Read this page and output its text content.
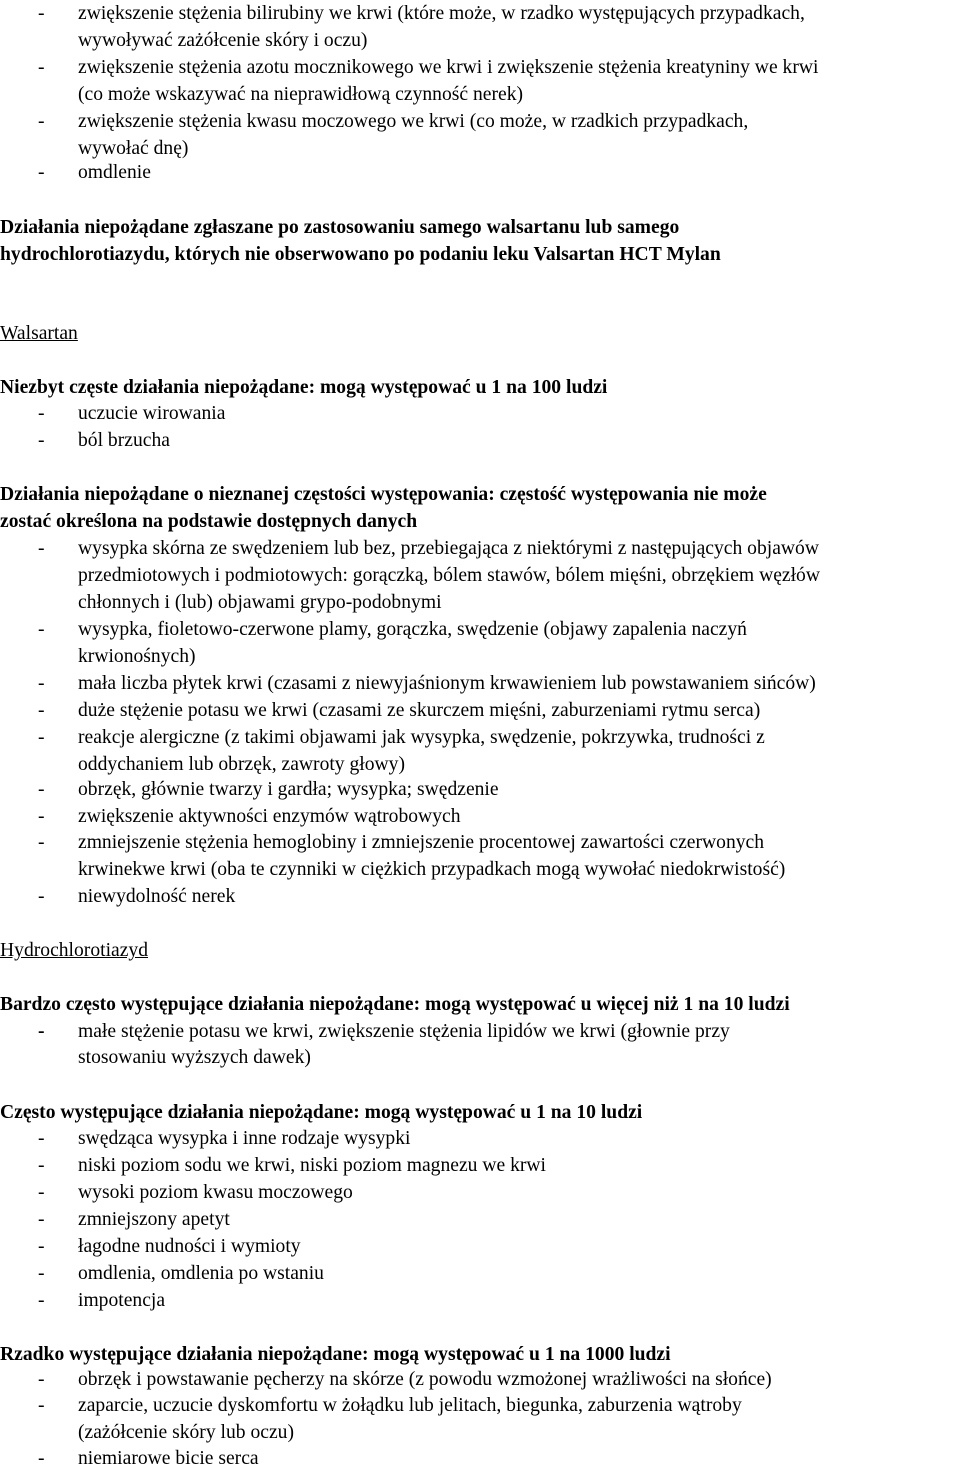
- zwiększenie stężenia bilirubiny we krwi (które może, w rzadko występujących przypadkach,
wywoływać zażółcenie skóry i oczu)
- zwiększenie stężenia azotu mocznikowego we krwi i zwiększenie stężenia kreatyniny we krwi
(co może wskazywać na nieprawidłową czynność nerek)
- zwiększenie stężenia kwasu moczowego we krwi (co może, w rzadkich przypadkach,
wywołać dnę)
- omdlenie
Działania niepożądane zgłaszane po zastosowaniu samego walsartanu lub samego
hydrochlorotiazydu, których nie obserwowano po podaniu leku Valsartan HCT Mylan
Walsartan
Niezbyt częste działania niepożądane: mogą występować u 1 na 100 ludzi
- uczucie wirowania
- ból brzucha
Działania niepożądane o nieznanej częstości występowania: częstość występowania nie może
zostać określona na podstawie dostępnych danych
- wysypka skórna ze swędzeniem lub bez, przebiegająca z niektórymi z następujących objawów
przedmiotowych i podmiotowych: gorączką, bólem stawów, bólem mięśni, obrzękiem węzłów
chłonnych i (lub) objawami grypo-podobnymi
- wysypka, fioletowo-czerwone plamy, gorączka, swędzenie (objawy zapalenia naczyń
krwionośnych)
- mała liczba płytek krwi (czasami z niewyjaśnionym krwawieniem lub powstawaniem sińców)
- duże stężenie potasu we krwi (czasami ze skurczem mięśni, zaburzeniami rytmu serca)
- reakcje alergiczne (z takimi objawami jak wysypka, swędzenie, pokrzywka, trudności z
oddychaniem lub obrzęk, zawroty głowy)
- obrzęk, głównie twarzy i gardła; wysypka; swędzenie
- zwiększenie aktywności enzymów wątrobowych
- zmniejszenie stężenia hemoglobiny i zmniejszenie procentowej zawartości czerwonych
krwinekwe krwi (oba te czynniki w ciężkich przypadkach mogą wywołać niedokrwistość)
- niewydolność nerek
Hydrochlorotiazyd
Bardzo często występujące działania niepożądane: mogą występować u więcej niż 1 na 10 ludzi
- małe stężenie potasu we krwi, zwiększenie stężenia lipidów we krwi (głownie przy
stosowaniu wyższych dawek)
Często występujące działania niepożądane: mogą występować u 1 na 10 ludzi
- swędząca wysypka i inne rodzaje wysypki
- niski poziom sodu we krwi, niski poziom magnezu we krwi
- wysoki poziom kwasu moczowego
- zmniejszony apetyt
- łagodne nudności i wymioty
- omdlenia, omdlenia po wstaniu
- impotencja
Rzadko występujące działania niepożądane: mogą występować u 1 na 1000 ludzi
- obrzęk i powstawanie pęcherzy na skórze (z powodu wzmożonej wrażliwości na słońce)
- zaparcie, uczucie dyskomfortu w żołądku lub jelitach, biegunka, zaburzenia wątroby
(zażółcenie skóry lub oczu)
- niemiarowe bicie serca
